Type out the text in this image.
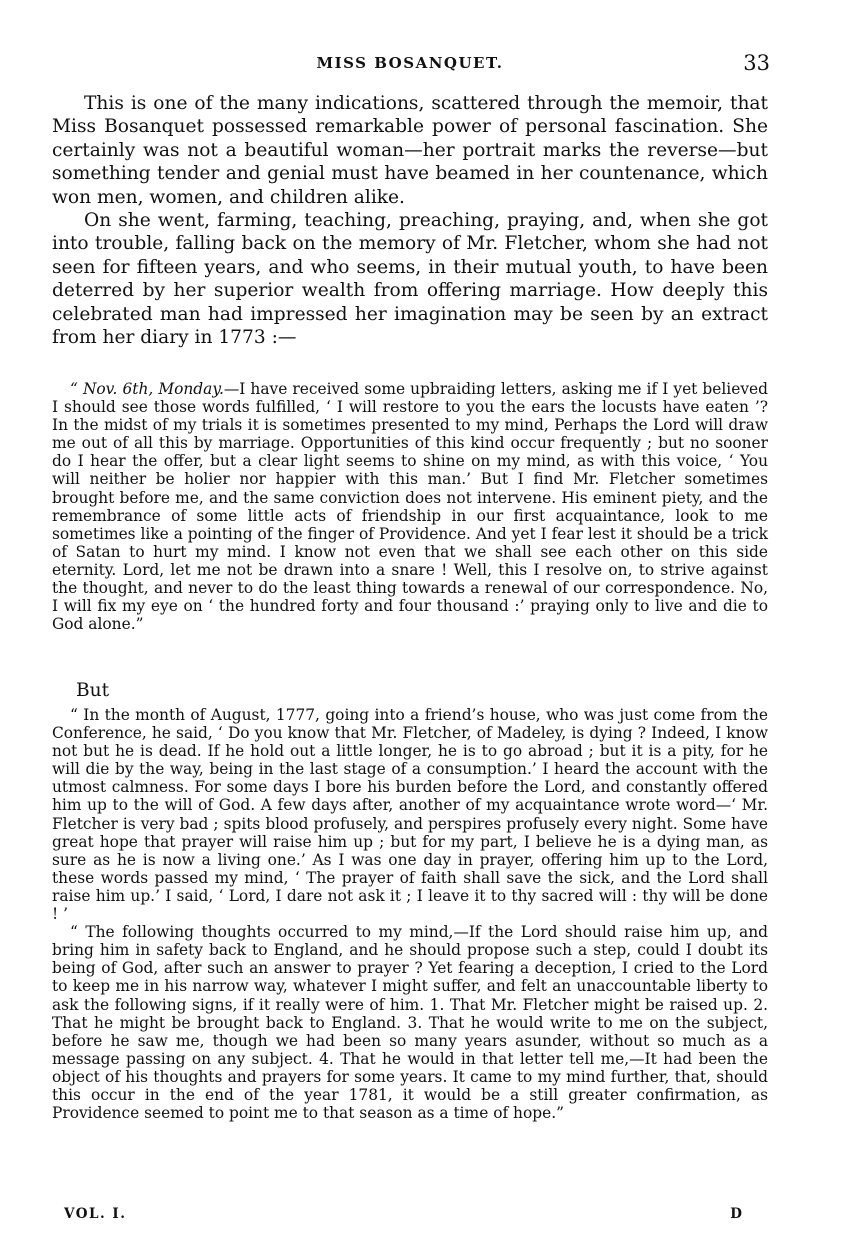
MISS BOSANQUET.	33

This is one of the many indications, scattered through the memoir, that Miss Bosanquet possessed remarkable power of personal fascination. She certainly was not a beautiful woman—her portrait marks the reverse—but something tender and genial must have beamed in her countenance, which won men, women, and children alike.

On she went, farming, teaching, preaching, praying, and, when she got into trouble, falling back on the memory of Mr. Fletcher, whom she had not seen for fifteen years, and who seems, in their mutual youth, to have been deterred by her superior wealth from offering marriage. How deeply this celebrated man had impressed her imagination may be seen by an extract from her diary in 1773 :—

“ Nov. 6th, Monday.—I have received some upbraiding letters, asking me if I yet believed I should see those words fulfilled, ‘ I will restore to you the ears the locusts have eaten ’? In the midst of my trials it is sometimes presented to my mind, Perhaps the Lord will draw me out of all this by marriage. Opportunities of this kind occur frequently ; but no sooner do I hear the offer, but a clear light seems to shine on my mind, as with this voice, ‘ You will neither be holier nor happier with this man.’ But I find Mr. Fletcher sometimes brought before me, and the same conviction does not intervene. His eminent piety, and the remembrance of some little acts of friendship in our first acquaintance, look to me sometimes like a pointing of the finger of Providence. And yet I fear lest it should be a trick of Satan to hurt my mind. I know not even that we shall see each other on this side eternity. Lord, let me not be drawn into a snare ! Well, this I resolve on, to strive against the thought, and never to do the least thing towards a renewal of our correspondence. No, I will fix my eye on ‘ the hundred forty and four thousand :’ praying only to live and die to God alone.”

But

“ In the month of August, 1777, going into a friend’s house, who was just come from the Conference, he said, ‘ Do you know that Mr. Fletcher, of Madeley, is dying ? Indeed, I know not but he is dead. If he hold out a little longer, he is to go abroad ; but it is a pity, for he will die by the way, being in the last stage of a consumption.’ I heard the account with the utmost calmness. For some days I bore his burden before the Lord, and constantly offered him up to the will of God. A few days after, another of my acquaintance wrote word—‘ Mr. Fletcher is very bad ; spits blood profusely, and perspires profusely every night. Some have great hope that prayer will raise him up ; but for my part, I believe he is a dying man, as sure as he is now a living one.’ As I was one day in prayer, offering him up to the Lord, these words passed my mind, ‘ The prayer of faith shall save the sick, and the Lord shall raise him up.’ I said, ‘ Lord, I dare not ask it ; I leave it to thy sacred will : thy will be done ! ’

“ The following thoughts occurred to my mind,—If the Lord should raise him up, and bring him in safety back to England, and he should propose such a step, could I doubt its being of God, after such an answer to prayer ? Yet fearing a deception, I cried to the Lord to keep me in his narrow way, whatever I might suffer, and felt an unaccountable liberty to ask the following signs, if it really were of him. 1. That Mr. Fletcher might be raised up. 2. That he might be brought back to England. 3. That he would write to me on the subject, before he saw me, though we had been so many years asunder, without so much as a message passing on any subject. 4. That he would in that letter tell me,—It had been the object of his thoughts and prayers for some years. It came to my mind further, that, should this occur in the end of the year 1781, it would be a still greater confirmation, as Providence seemed to point me to that season as a time of hope.”

VOL. I.	D
